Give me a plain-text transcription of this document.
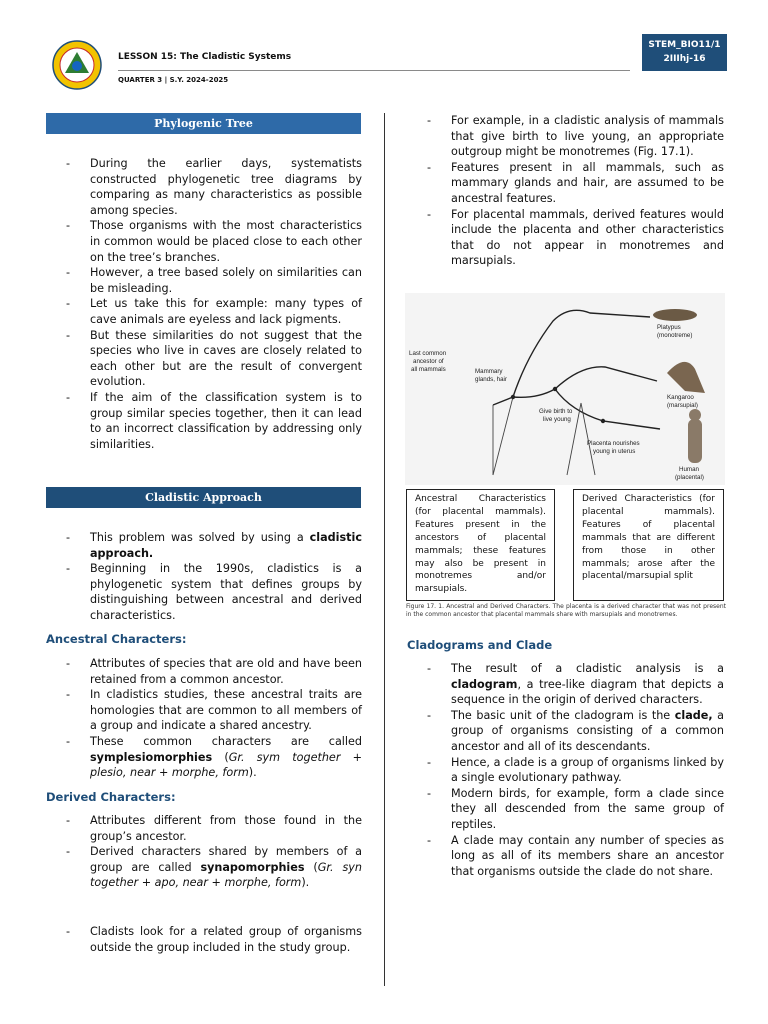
LESSON 15: The Cladistic Systems
QUARTER 3 | S.Y. 2024-2025
STEM_BIO11/1
2IIIhj-16
Phylogenic Tree
- During the earlier days, systematists constructed phylogenetic tree diagrams by comparing as many characteristics as possible among species.
- Those organisms with the most characteristics in common would be placed close to each other on the tree’s branches.
- However, a tree based solely on similarities can be misleading.
- Let us take this for example: many types of cave animals are eyeless and lack pigments.
- But these similarities do not suggest that the species who live in caves are closely related to each other but are the result of convergent evolution.
- If the aim of the classification system is to group similar species together, then it can lead to an incorrect classification by addressing only similarities.
Cladistic Approach
- This problem was solved by using a cladistic approach.
- Beginning in the 1990s, cladistics is a phylogenetic system that defines groups by distinguishing between ancestral and derived characteristics.
Ancestral Characters:
- Attributes of species that are old and have been retained from a common ancestor.
- In cladistics studies, these ancestral traits are homologies that are common to all members of a group and indicate a shared ancestry.
- These common characters are called symplesiomorphies (Gr. sym together + plesio, near + morphe, form).
Derived Characters:
- Attributes different from those found in the group’s ancestor.
- Derived characters shared by members of a group are called synapomorphies (Gr. syn together + apo, near + morphe, form).
- Cladists look for a related group of organisms outside the group included in the study group.
- For example, in a cladistic analysis of mammals that give birth to live young, an appropriate outgroup might be monotremes (Fig. 17.1).
- Features present in all mammals, such as mammary glands and hair, are assumed to be ancestral features.
- For placental mammals, derived features would include the placenta and other characteristics that do not appear in monotremes and marsupials.
Last common
ancestor of
all mammals	Mammary
glands, hair
Give birth to
live young
Placenta nourishes
young in uterus
Platypus
(monotreme)
Kangaroo
(marsupial)
Human
(placental)
Ancestral Characteristics (for placental mammals). Features present in the ancestors of placental mammals; these features may also be present in monotremes and/or marsupials.
Derived Characteristics (for placental mammals). Features of placental mammals that are different from those in other mammals; arose after the placental/marsupial split
Figure 17. 1. Ancestral and Derived Characters. The placenta is a derived character that was not present in the common ancestor that placental mammals share with marsupials and monotremes.
Cladograms and Clade
- The result of a cladistic analysis is a cladogram, a tree-like diagram that depicts a sequence in the origin of derived characters.
- The basic unit of the cladogram is the clade, a group of organisms consisting of a common ancestor and all of its descendants.
- Hence, a clade is a group of organisms linked by a single evolutionary pathway.
- Modern birds, for example, form a clade since they all descended from the same group of reptiles.
- A clade may contain any number of species as long as all of its members share an ancestor that organisms outside the clade do not share.
